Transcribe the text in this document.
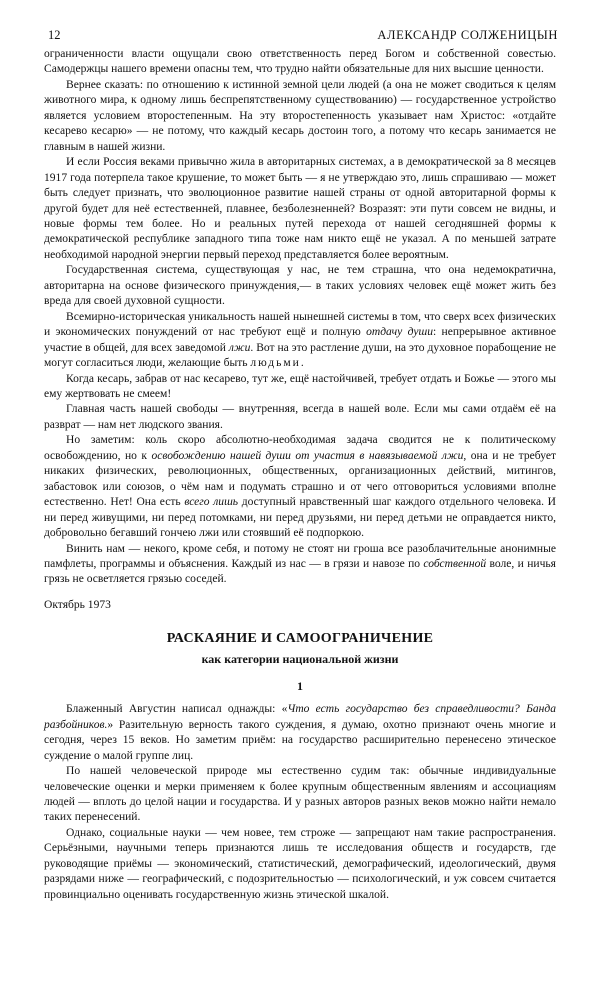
12	АЛЕКСАНДР СОЛЖЕНИЦЫН

ограниченности власти ощущали свою ответственность перед Богом и собственной совестью. Самодержцы нашего времени опасны тем, что трудно найти обязательные для них высшие ценности.

Вернее сказать: по отношению к истинной земной цели людей (а она не может сводиться к целям животного мира, к одному лишь беспрепятственному существованию) — государственное устройство является условием второстепенным. На эту второстепенность указывает нам Христос: «отдайте кесарево кесарю» — не потому, что каждый кесарь достоин того, а потому что кесарь занимается не главным в нашей жизни.

И если Россия веками привычно жила в авторитарных системах, а в демократической за 8 месяцев 1917 года потерпела такое крушение, то может быть — я не утверждаю это, лишь спрашиваю — может быть следует признать, что эволюционное развитие нашей страны от одной авторитарной формы к другой будет для неё естественней, плавнее, безболезненней? Возразят: эти пути совсем не видны, и новые формы тем более. Но и реальных путей перехода от нашей сегодняшней формы к демократической республике западного типа тоже нам никто ещё не указал. А по меньшей затрате необходимой народной энергии первый переход представляется более вероятным.

Государственная система, существующая у нас, не тем страшна, что она недемократична, авторитарна на основе физического принуждения,— в таких условиях человек ещё может жить без вреда для своей духовной сущности.

Всемирно-историческая уникальность нашей нынешней системы в том, что сверх всех физических и экономических понуждений от нас требуют ещё и полную отдачу души: непрерывное активное участие в общей, для всех заведомой лжи. Вот на это растление души, на это духовное порабощение не могут согласиться люди, желающие быть людьми.

Когда кесарь, забрав от нас кесарево, тут же, ещё настойчивей, требует отдать и Божье — этого мы ему жертвовать не смеем!

Главная часть нашей свободы — внутренняя, всегда в нашей воле. Если мы сами отдаём её на разврат — нам нет людского звания.

Но заметим: коль скоро абсолютно-необходимая задача сводится не к политическому освобождению, но к освобождению нашей души от участия в навязываемой лжи, она и не требует никаких физических, революционных, общественных, организационных действий, митингов, забастовок или союзов, о чём нам и подумать страшно и от чего отговориться условиями вполне естественно. Нет! Она есть всего лишь доступный нравственный шаг каждого отдельного человека. И ни перед живущими, ни перед потомками, ни перед друзьями, ни перед детьми не оправдается никто, добровольно бегавший гончею лжи или стоявший её подпоркою.

Винить нам — некого, кроме себя, и потому не стоят ни гроша все разоблачительные анонимные памфлеты, программы и объяснения. Каждый из нас — в грязи и навозе по собственной воле, и ничья грязь не осветляется грязью соседей.

Октябрь 1973

РАСКАЯНИЕ И САМООГРАНИЧЕНИЕ
как категории национальной жизни
1

Блаженный Августин написал однажды: «Что есть государство без справедливости? Банда разбойников.» Разительную верность такого суждения, я думаю, охотно признают очень многие и сегодня, через 15 веков. Но заметим приём: на государство расширительно перенесено этическое суждение о малой группе лиц.

По нашей человеческой природе мы естественно судим так: обычные индивидуальные человеческие оценки и мерки применяем к более крупным общественным явлениям и ассоциациям людей — вплоть до целой нации и государства. И у разных авторов разных веков можно найти немало таких перенесений.

Однако, социальные науки — чем новее, тем строже — запрещают нам такие распространения. Серьёзными, научными теперь признаются лишь те исследования обществ и государств, где руководящие приёмы — экономический, статистический, демографический, идеологический, двумя разрядами ниже — географический, с подозрительностью — психологический, и уж совсем считается провинциально оценивать государственную жизнь этической шкалой.
